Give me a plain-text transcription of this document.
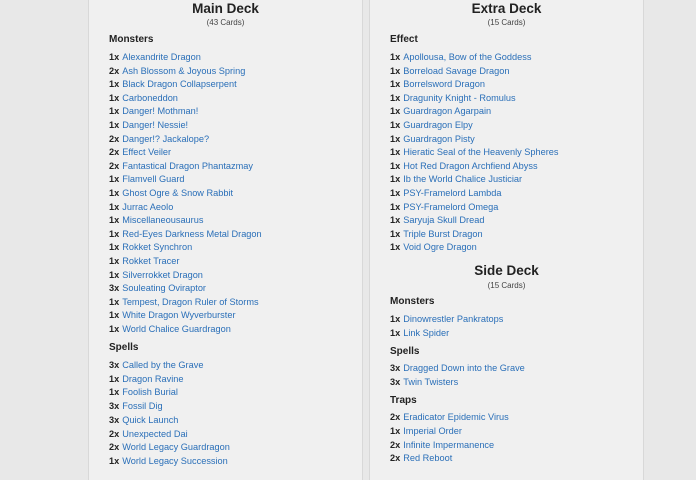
Main Deck
(43 Cards)
Monsters
1x Alexandrite Dragon
2x Ash Blossom & Joyous Spring
1x Black Dragon Collapserpent
1x Carboneddon
1x Danger! Mothman!
1x Danger! Nessie!
2x Danger!? Jackalope?
2x Effect Veiler
2x Fantastical Dragon Phantazmay
1x Flamvell Guard
1x Ghost Ogre & Snow Rabbit
1x Jurrac Aeolo
1x Miscellaneousaurus
1x Red-Eyes Darkness Metal Dragon
1x Rokket Synchron
1x Rokket Tracer
1x Silverrokket Dragon
3x Souleating Oviraptor
1x Tempest, Dragon Ruler of Storms
1x White Dragon Wyverburster
1x World Chalice Guardragon
Spells
3x Called by the Grave
1x Dragon Ravine
1x Foolish Burial
3x Fossil Dig
3x Quick Launch
2x Unexpected Dai
2x World Legacy Guardragon
1x World Legacy Succession
Extra Deck
(15 Cards)
Effect
1x Apollousa, Bow of the Goddess
1x Borreload Savage Dragon
1x Borrelsword Dragon
1x Dragunity Knight - Romulus
1x Guardragon Agarpain
1x Guardragon Elpy
1x Guardragon Pisty
1x Hieratic Seal of the Heavenly Spheres
1x Hot Red Dragon Archfiend Abyss
1x Ib the World Chalice Justiciar
1x PSY-Framelord Lambda
1x PSY-Framelord Omega
1x Saryuja Skull Dread
1x Triple Burst Dragon
1x Void Ogre Dragon
Side Deck
(15 Cards)
Monsters
1x Dinowrestler Pankratops
1x Link Spider
Spells
3x Dragged Down into the Grave
3x Twin Twisters
Traps
2x Eradicator Epidemic Virus
1x Imperial Order
2x Infinite Impermanence
2x Red Reboot
